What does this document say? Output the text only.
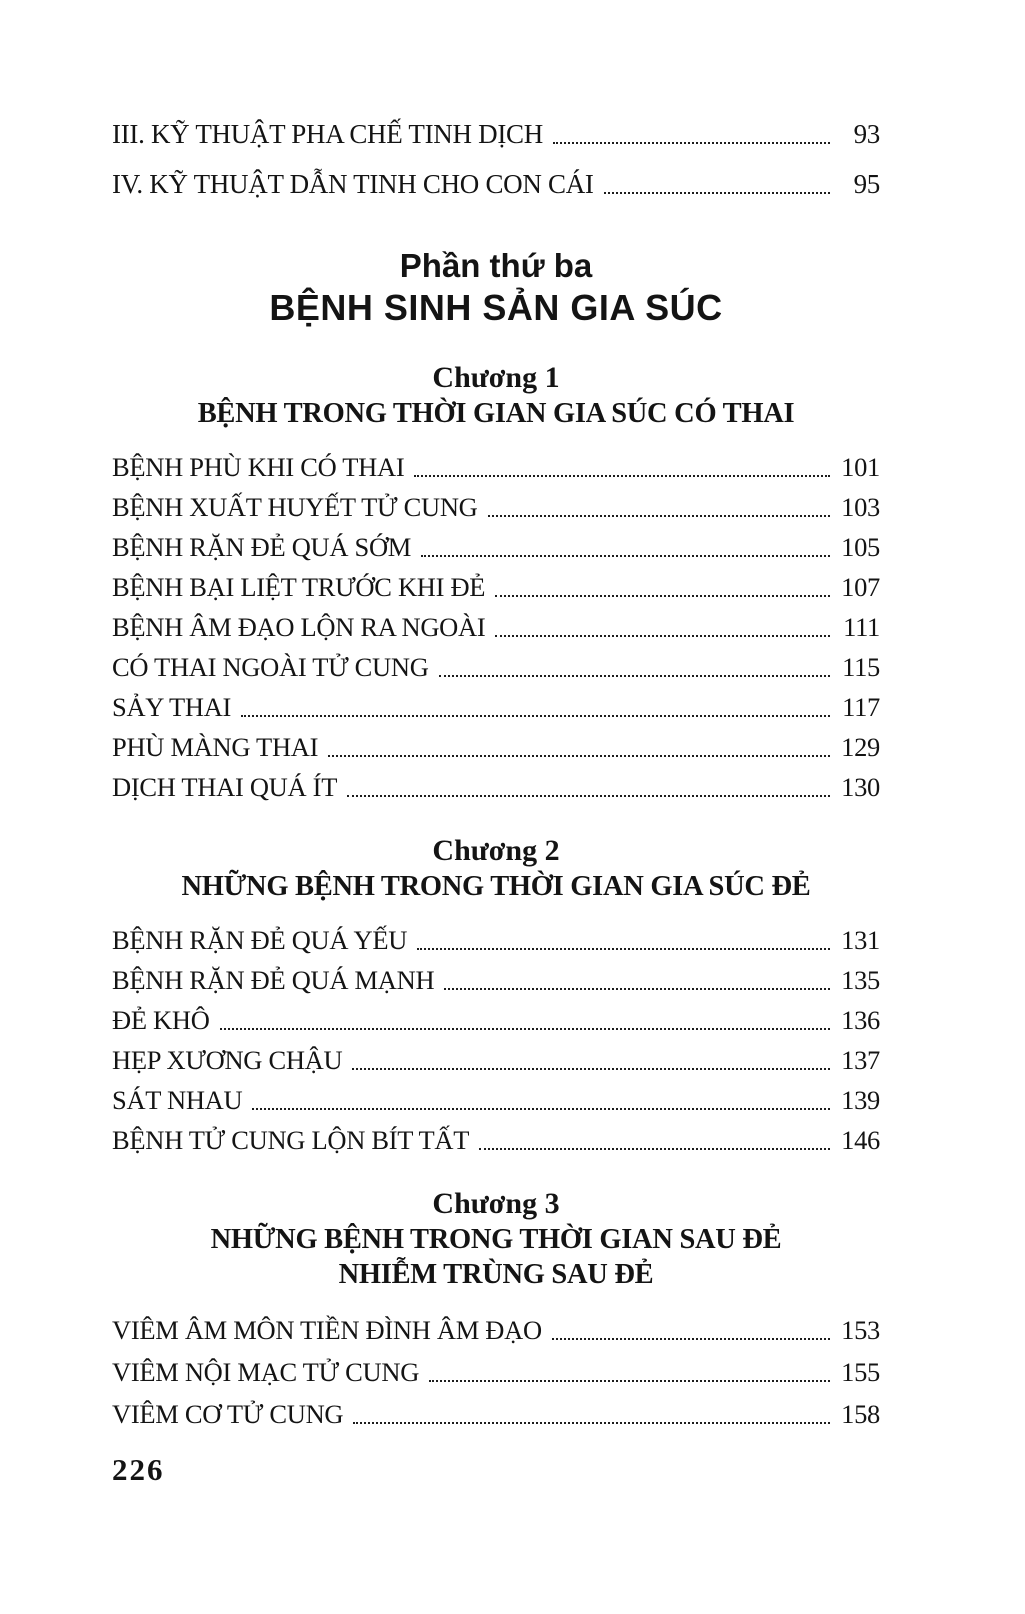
III. KỸ THUẬT PHA CHẾ TINH DỊCH	93
IV. KỸ THUẬT DẪN TINH CHO CON CÁI	95
Phần thứ ba
BỆNH SINH SẢN GIA SÚC
Chương 1
BỆNH TRONG THỜI GIAN GIA SÚC CÓ THAI
BỆNH PHÙ KHI CÓ THAI	101
BỆNH XUẤT HUYẾT TỬ CUNG	103
BỆNH RẶN ĐẺ QUÁ SỚM	105
BỆNH BẠI LIỆT TRƯỚC KHI ĐẺ	107
BỆNH ÂM ĐẠO LỘN RA NGOÀI	111
CÓ THAI NGOÀI TỬ CUNG	115
SẢY THAI	117
PHÙ MÀNG THAI	129
DỊCH THAI QUÁ ÍT	130
Chương 2
NHỮNG BỆNH TRONG THỜI GIAN GIA SÚC ĐẺ
BỆNH RẶN ĐẺ QUÁ YẾU	131
BỆNH RẶN ĐẺ QUÁ MẠNH	135
ĐẺ KHÔ	136
HẸP XƯƠNG CHẬU	137
SÁT NHAU	139
BỆNH TỬ CUNG LỘN BÍT TẤT	146
Chương 3
NHỮNG BỆNH TRONG THỜI GIAN SAU ĐẺ
NHIỄM TRÙNG SAU ĐẺ
VIÊM ÂM MÔN TIỀN ĐÌNH ÂM ĐẠO	153
VIÊM NỘI MẠC TỬ CUNG	155
VIÊM CƠ TỬ CUNG	158
226
